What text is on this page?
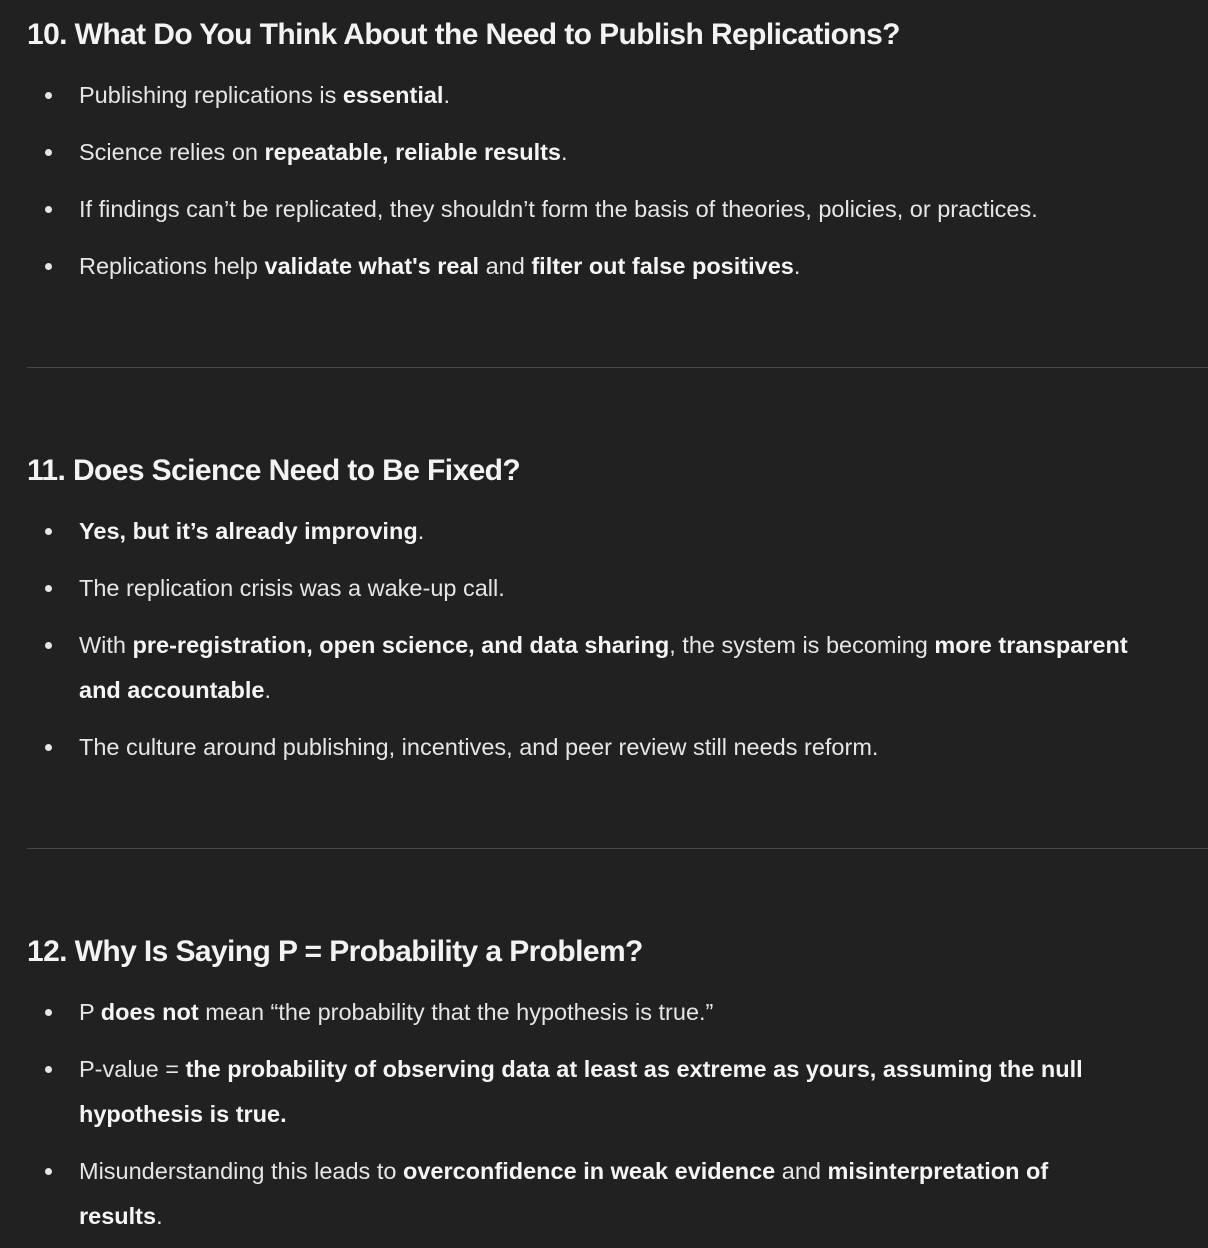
10. What Do You Think About the Need to Publish Replications?
Publishing replications is essential.
Science relies on repeatable, reliable results.
If findings can’t be replicated, they shouldn’t form the basis of theories, policies, or practices.
Replications help validate what's real and filter out false positives.
11. Does Science Need to Be Fixed?
Yes, but it’s already improving.
The replication crisis was a wake-up call.
With pre-registration, open science, and data sharing, the system is becoming more transparent and accountable.
The culture around publishing, incentives, and peer review still needs reform.
12. Why Is Saying P = Probability a Problem?
P does not mean “the probability that the hypothesis is true.”
P-value = the probability of observing data at least as extreme as yours, assuming the null hypothesis is true.
Misunderstanding this leads to overconfidence in weak evidence and misinterpretation of results.
